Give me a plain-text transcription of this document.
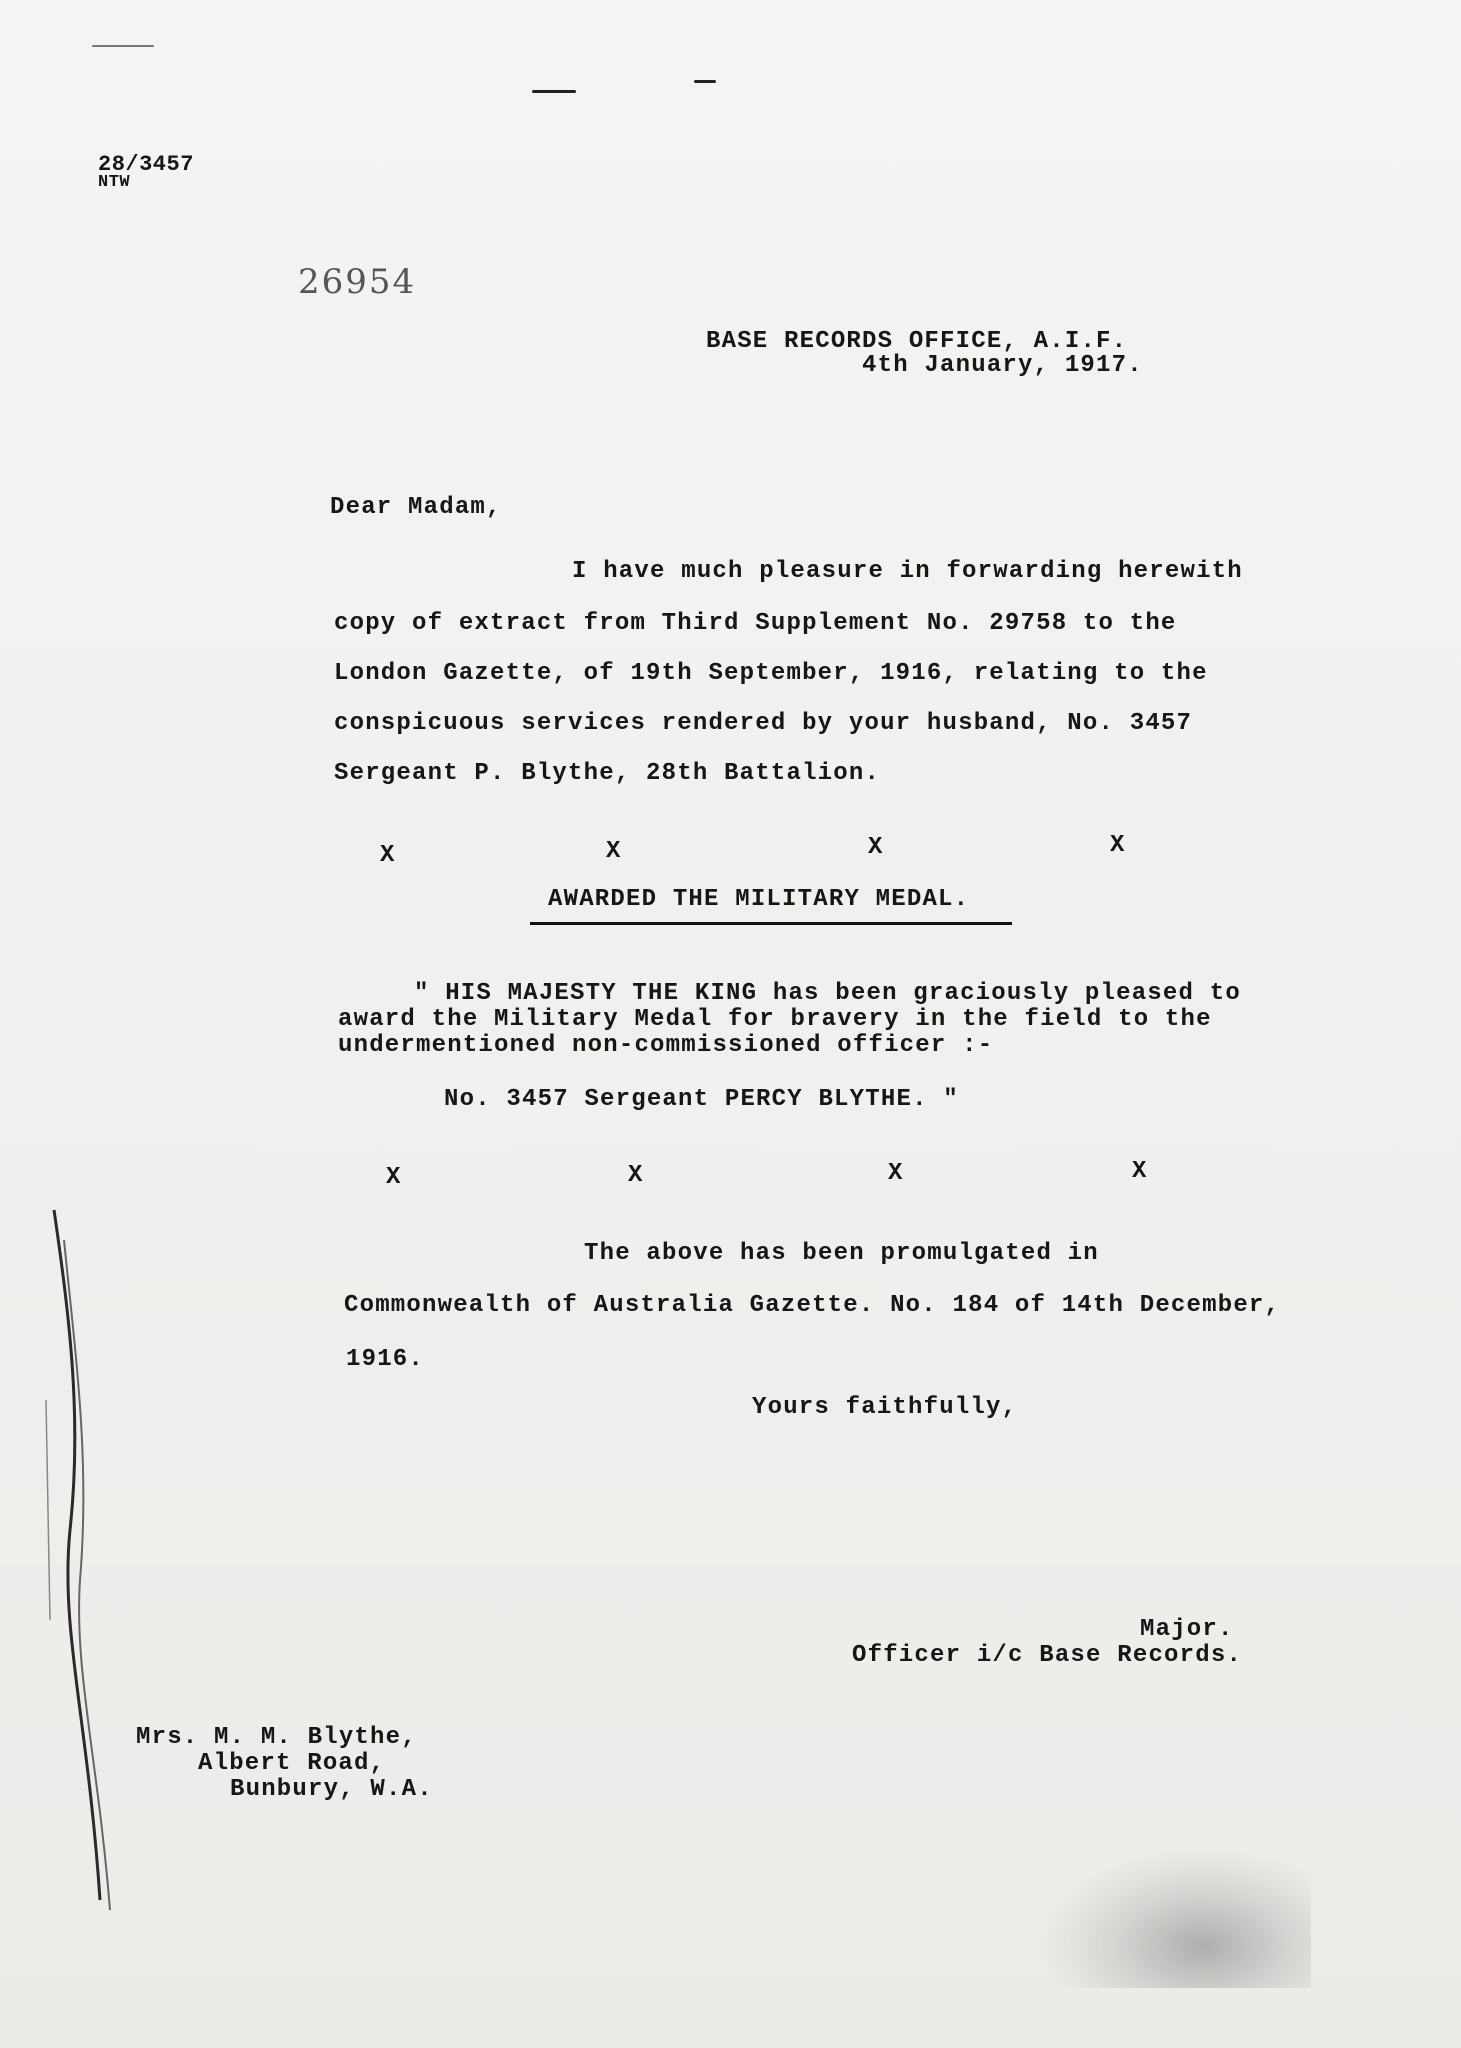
28/3457
NTW
26954
BASE RECORDS OFFICE, A.I.F.
4th January, 1917.
Dear Madam,
I have much pleasure in forwarding herewith
copy of extract from Third Supplement No. 29758 to the
London Gazette, of 19th September, 1916, relating to the
conspicuous services rendered by your husband, No. 3457
Sergeant P. Blythe, 28th Battalion.
X	X	X	X
AWARDED THE MILITARY MEDAL.
" HIS MAJESTY THE KING has been graciously pleased to
award the Military Medal for bravery in the field to the
undermentioned non-commissioned officer :-
No. 3457 Sergeant PERCY BLYTHE. "
X	X	X	X
The above has been promulgated in
Commonwealth of Australia Gazette. No. 184 of 14th December,
1916.
Yours faithfully,
Major.
Officer i/c Base Records.
Mrs. M. M. Blythe,
Albert Road,
Bunbury, W.A.
